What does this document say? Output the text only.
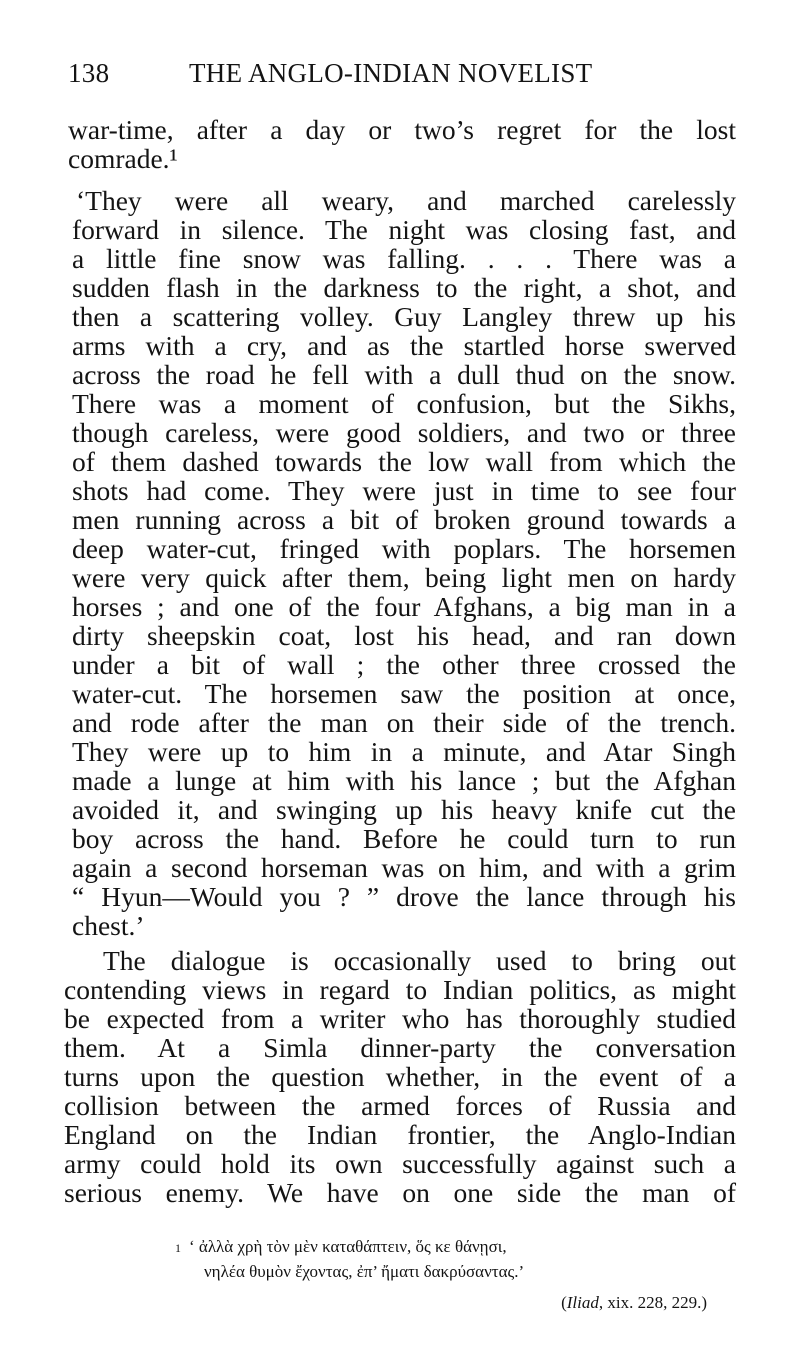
138	THE ANGLO-INDIAN NOVELIST
war-time, after a day or two’s regret for the lost
comrade.¹
‘They were all weary, and marched carelessly
forward in silence. The night was closing fast, and
a little fine snow was falling. . . . There was a
sudden flash in the darkness to the right, a shot, and
then a scattering volley. Guy Langley threw up his
arms with a cry, and as the startled horse swerved
across the road he fell with a dull thud on the snow.
There was a moment of confusion, but the Sikhs,
though careless, were good soldiers, and two or three
of them dashed towards the low wall from which the
shots had come. They were just in time to see four
men running across a bit of broken ground towards a
deep water-cut, fringed with poplars. The horsemen
were very quick after them, being light men on hardy
horses ; and one of the four Afghans, a big man in a
dirty sheepskin coat, lost his head, and ran down
under a bit of wall ; the other three crossed the
water-cut. The horsemen saw the position at once,
and rode after the man on their side of the trench.
They were up to him in a minute, and Atar Singh
made a lunge at him with his lance ; but the Afghan
avoided it, and swinging up his heavy knife cut the
boy across the hand. Before he could turn to run
again a second horseman was on him, and with a grim
“ Hyun—Would you ? ” drove the lance through his
chest.’
The dialogue is occasionally used to bring out
contending views in regard to Indian politics, as might
be expected from a writer who has thoroughly studied
them. At a Simla dinner-party the conversation
turns upon the question whether, in the event of a
collision between the armed forces of Russia and
England on the Indian frontier, the Anglo-Indian
army could hold its own successfully against such a
serious enemy. We have on one side the man of
1 ‘ ἀλλὰ χρὴ τὸν μὲν καταθάπτειν, ὅς κε θάνῃσι,
νηλέα θυμὸν ἔχοντας, ἐπ’ ἤματι δακρύσαντας.’
(Iliad, xix. 228, 229.)
